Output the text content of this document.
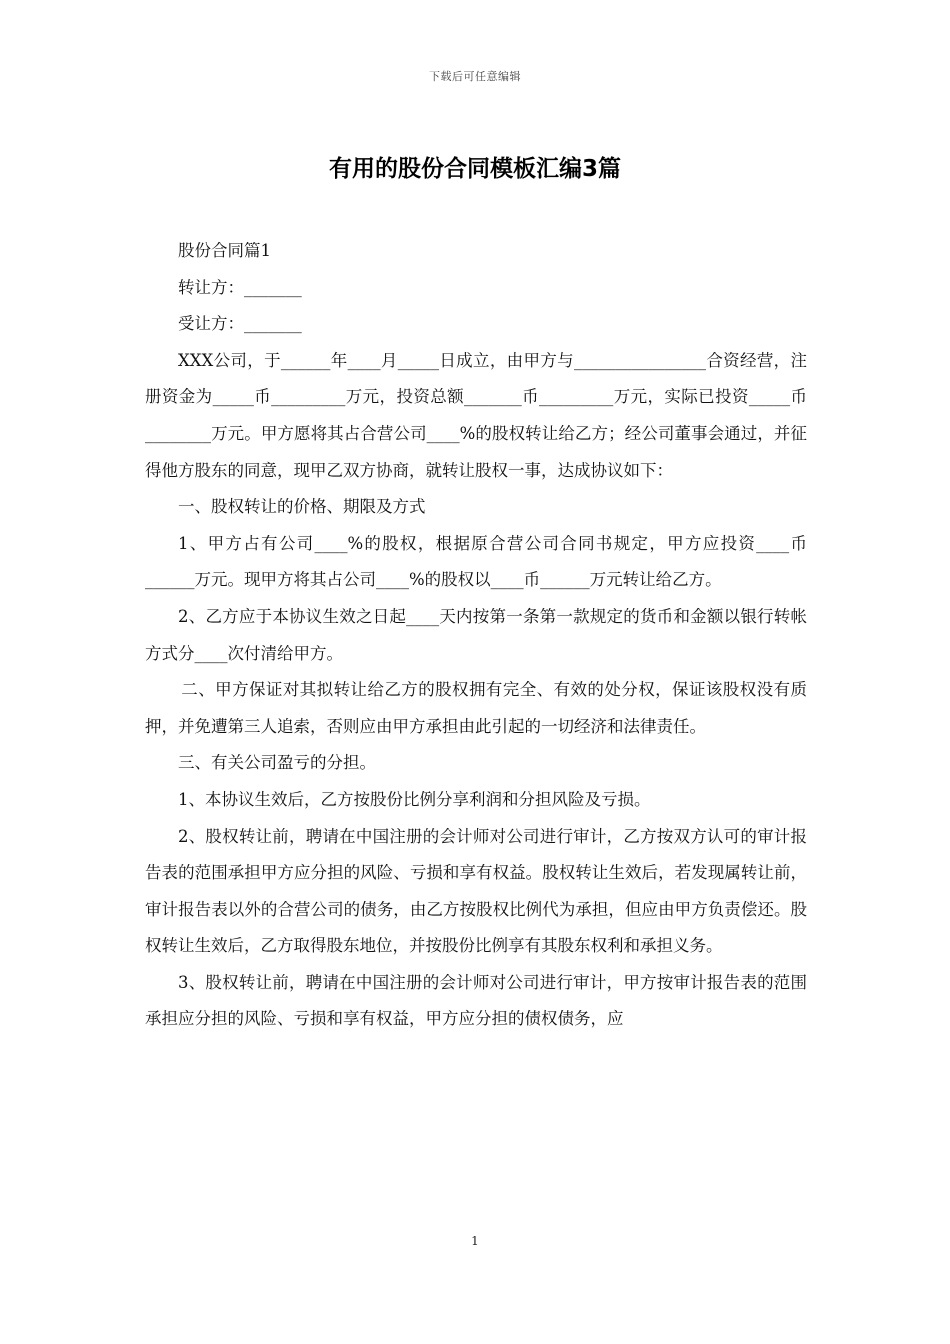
下载后可任意编辑
有用的股份合同模板汇编3篇

股份合同篇1

转让方：_______

受让方：_______

XXX公司，于______年____月_____日成立，由甲方与________________合资经营，注册资金为_____币_________万元，投资总额_______币_________万元，实际已投资_____币________万元。甲方愿将其占合营公司____%的股权转让给乙方；经公司董事会通过，并征得他方股东的同意，现甲乙双方协商，就转让股权一事，达成协议如下：

一、股权转让的价格、期限及方式

1、甲方占有公司____%的股权，根据原合营公司合同书规定，甲方应投资____币______万元。现甲方将其占公司____%的股权以____币______万元转让给乙方。

2、乙方应于本协议生效之日起____天内按第一条第一款规定的货币和金额以银行转帐方式分____次付清给甲方。

二、甲方保证对其拟转让给乙方的股权拥有完全、有效的处分权，保证该股权没有质押，并免遭第三人追索，否则应由甲方承担由此引起的一切经济和法律责任。

三、有关公司盈亏的分担。

1、本协议生效后，乙方按股份比例分享利润和分担风险及亏损。

2、股权转让前，聘请在中国注册的会计师对公司进行审计，乙方按双方认可的审计报告表的范围承担甲方应分担的风险、亏损和享有权益。股权转让生效后，若发现属转让前，审计报告表以外的合营公司的债务，由乙方按股权比例代为承担，但应由甲方负责偿还。股权转让生效后，乙方取得股东地位，并按股份比例享有其股东权利和承担义务。

3、股权转让前，聘请在中国注册的会计师对公司进行审计，甲方按审计报告表的范围承担应分担的风险、亏损和享有权益，甲方应分担的债权债务，应

1
